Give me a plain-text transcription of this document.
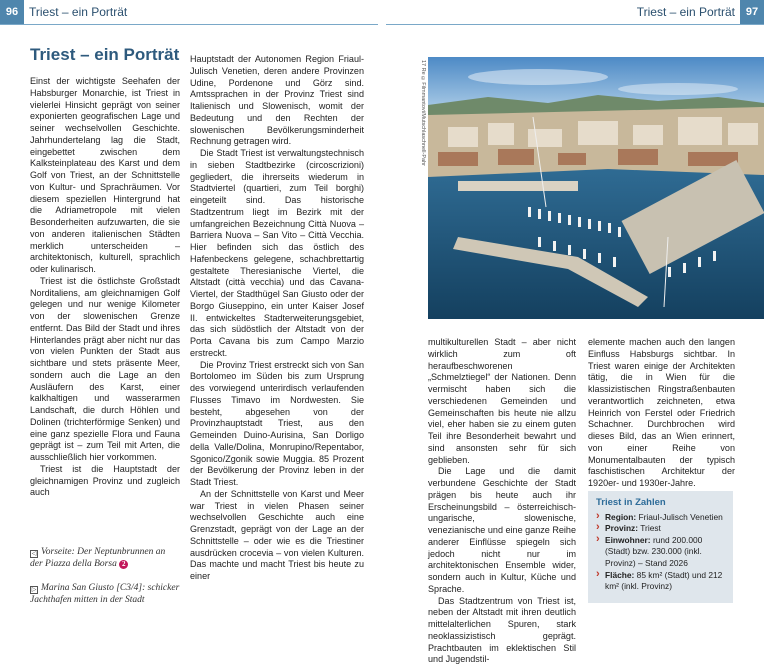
96 Triest – ein Porträt	Triest – ein Porträt 97
Triest – ein Porträt

Einst der wichtigste Seehafen der Habsburger Monarchie, ist Triest in vielerlei Hinsicht geprägt von seiner exponierten geografischen Lage und seiner wechselvollen Geschichte. Jahrhundertelang lag die Stadt, eingebettet zwischen dem Kalksteinplateau des Karst und dem Golf von Triest, an der Schnittstelle von Kultur- und Sprachräumen. Vor diesem speziellen Hintergrund hat die Adriametropole mit vielen Besonderheiten aufzuwarten, die sie von anderen italienischen Städten merklich unterscheiden – architektonisch, kulturell, sprachlich oder kulinarisch.

Triest ist die östlichste Großstadt Norditaliens, am gleichnamigen Golf gelegen und nur wenige Kilometer von der slowenischen Grenze entfernt. Das Bild der Stadt und ihres Hinterlandes prägt aber nicht nur das von vielen Punkten der Stadt aus sichtbare und stets präsente Meer, sondern auch die Lage an den Ausläufern des Karst, einer kalkhaltigen und wasserarmen Landschaft, die durch Höhlen und Dolinen (trichterförmige Senken) und eine ganz spezielle Flora und Fauna geprägt ist – zum Teil mit Arten, die ausschließlich hier vorkommen.

Triest ist die Hauptstadt der gleichnamigen Provinz und zugleich auch

◁ Vorseite: Der Neptunbrunnen an der Piazza della Borsa 2
▷ Marina San Giusto [C3/4]: schicker Jachthafen mitten in der Stadt

Hauptstadt der Autonomen Region Friaul-Julisch Venetien, deren andere Provinzen Udine, Pordenone und Görz sind. Amtssprachen in der Provinz Triest sind Italienisch und Slowenisch, womit der Bedeutung und den Rechten der slowenischen Bevölkerungsminderheit Rechnung getragen wird.

Die Stadt Triest ist verwaltungstechnisch in sieben Stadtbezirke (circoscrizioni) gegliedert, die ihrerseits wiederum in Stadtviertel (quartieri, zum Teil borghi) eingeteilt sind. Das historische Stadtzentrum liegt im Bezirk mit der umfangreichen Bezeichnung Città Nuova – Barriera Nuova – San Vito – Città Vecchia. Hier befinden sich das östlich des Hafenbeckens gelegene, schachbrettartig gestaltete Theresianische Viertel, die Altstadt (città vecchia) und das Cavana-Viertel, der Stadthügel San Giusto oder der Borgo Giuseppino, ein unter Kaiser Josef II. entwickeltes Stadterweiterungsgebiet, das sich südöstlich der Altstadt von der Porta Cavana bis zum Campo Marzio erstreckt.

Die Provinz Triest erstreckt sich von San Bortolomeo im Süden bis zum Ursprung des vorwiegend unterirdisch verlaufenden Flusses Timavo im Nordwesten. Sie besteht, abgesehen von der Provinzhauptstadt Triest, aus den Gemeinden Duino-Aurisina, San Dorligo della Valle/Dolina, Monrupino/Repentabor, Sgonico/Zgonik sowie Muggia. 85 Prozent der Bevölkerung der Provinz leben in der Stadt Triest.

An der Schnittstelle von Karst und Meer war Triest in vielen Phasen seiner wechselvollen Geschichte auch eine Grenzstadt, geprägt von der Lage an der Schnittstelle – oder wie es die Triestiner ausdrücken crocevia – von vielen Kulturen. Das machte und macht Triest bis heute zu einer

17 Re ©Filmmantovi/Mutschlaschnell-Pahr

multikulturellen Stadt – aber nicht wirklich zum oft heraufbeschworenen „Schmelztiegel“ der Nationen. Denn vermischt haben sich die verschiedenen Gemeinden und Gemeinschaften bis heute nie allzu viel, eher haben sie zu einem guten Teil ihre Besonderheit bewahrt und sind ansonsten sehr für sich geblieben.

Die Lage und die damit verbundene Geschichte der Stadt prägen bis heute auch ihr Erscheinungsbild – österreichisch-ungarische, slowenische, venezianische und eine ganze Reihe anderer Einflüsse spiegeln sich jedoch nicht nur im architektonischen Ensemble wider, sondern auch in Kultur, Küche und Sprache.

Das Stadtzentrum von Triest ist, neben der Altstadt mit ihren deutlich mittelalterlichen Spuren, stark neoklassizistisch geprägt. Prachtbauten im eklektischen Stil und Jugendstil-

elemente machen auch den langen Einfluss Habsburgs sichtbar. In Triest waren einige der Architekten tätig, die in Wien für die klassizistischen Ringstraßenbauten verantwortlich zeichneten, etwa Heinrich von Ferstel oder Friedrich Schachner. Durchbrochen wird dieses Bild, das an Wien erinnert, von einer Reihe von Monumentalbauten der typisch faschistischen Architektur der 1920er- und 1930er-Jahre.

Triest in Zahlen
› Region: Friaul-Julisch Venetien
› Provinz: Triest
› Einwohner: rund 200.000 (Stadt) bzw. 230.000 (inkl. Provinz) – Stand 2026
› Fläche: 85 km² (Stadt) und 212 km² (inkl. Provinz)
